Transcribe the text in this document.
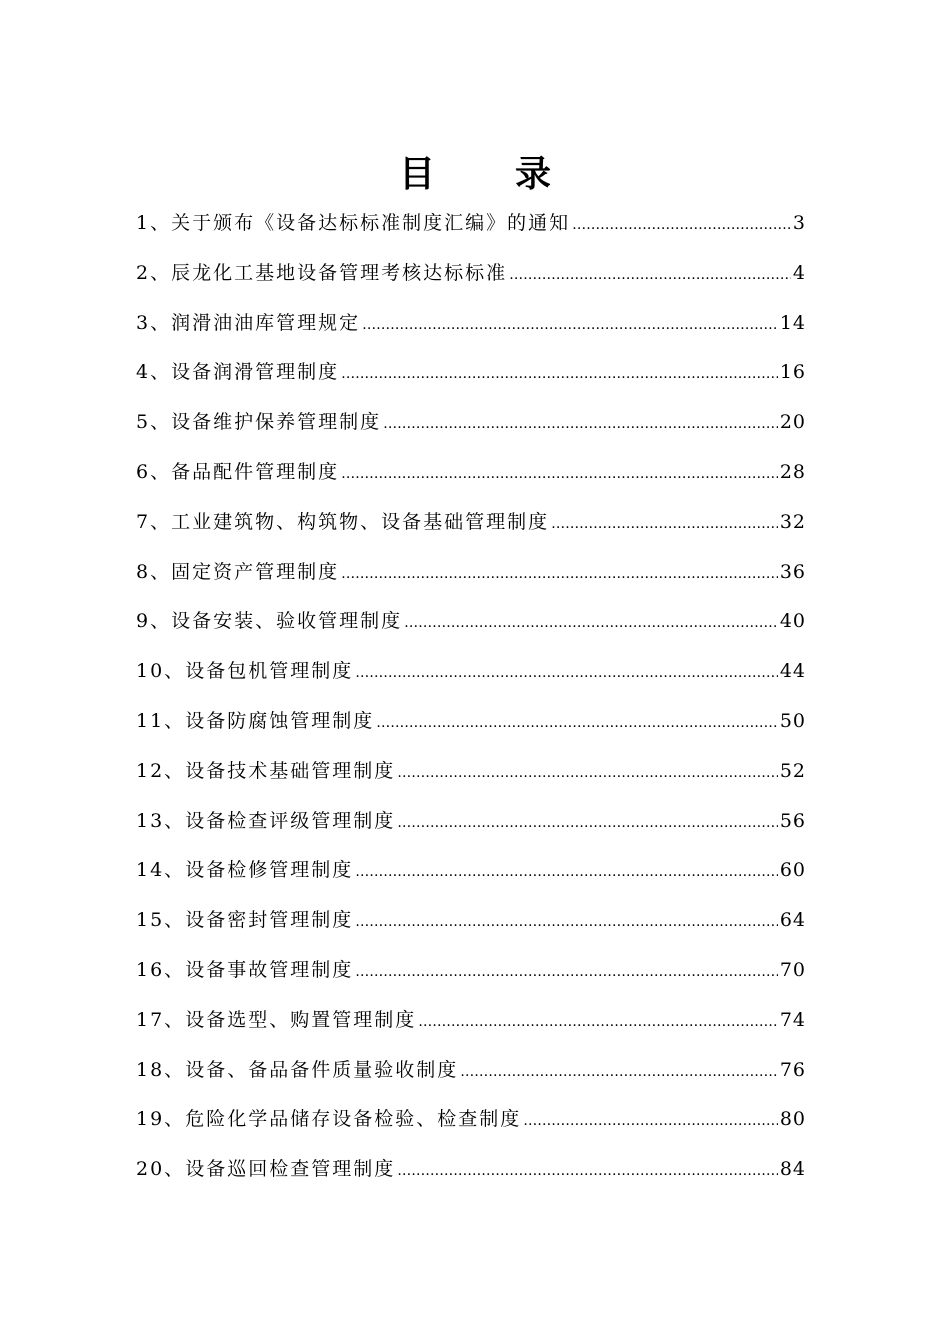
目 录
1、 关于颁布《设备达标标准制度汇编》的通知 ……………………………………………………………………………………………………………………………………	3
2、 辰龙化工基地设备管理考核达标标准 ……………………………………………………………………………………………………………………………………	4
3、 润滑油油库管理规定 ……………………………………………………………………………………………………………………………………	14
4、 设备润滑管理制度 ……………………………………………………………………………………………………………………………………	16
5、 设备维护保养管理制度 ……………………………………………………………………………………………………………………………………	20
6、 备品配件管理制度 ……………………………………………………………………………………………………………………………………	28
7、 工业建筑物、构筑物、设备基础管理制度 ……………………………………………………………………………………………………………………………………	32
8、 固定资产管理制度 ……………………………………………………………………………………………………………………………………	36
9、 设备安装、验收管理制度 ……………………………………………………………………………………………………………………………………	40
10、 设备包机管理制度 ……………………………………………………………………………………………………………………………………	44
11、 设备防腐蚀管理制度 ……………………………………………………………………………………………………………………………………	50
12、 设备技术基础管理制度 ……………………………………………………………………………………………………………………………………	52
13、 设备检查评级管理制度 ……………………………………………………………………………………………………………………………………	56
14、 设备检修管理制度 ……………………………………………………………………………………………………………………………………	60
15、 设备密封管理制度 ……………………………………………………………………………………………………………………………………	64
16、 设备事故管理制度 ……………………………………………………………………………………………………………………………………	70
17、 设备选型、购置管理制度 ……………………………………………………………………………………………………………………………………	74
18、 设备、备品备件质量验收制度 ……………………………………………………………………………………………………………………………………	76
19、 危险化学品储存设备检验、检查制度 ……………………………………………………………………………………………………………………………………	80
20、 设备巡回检查管理制度 ……………………………………………………………………………………………………………………………………	84
